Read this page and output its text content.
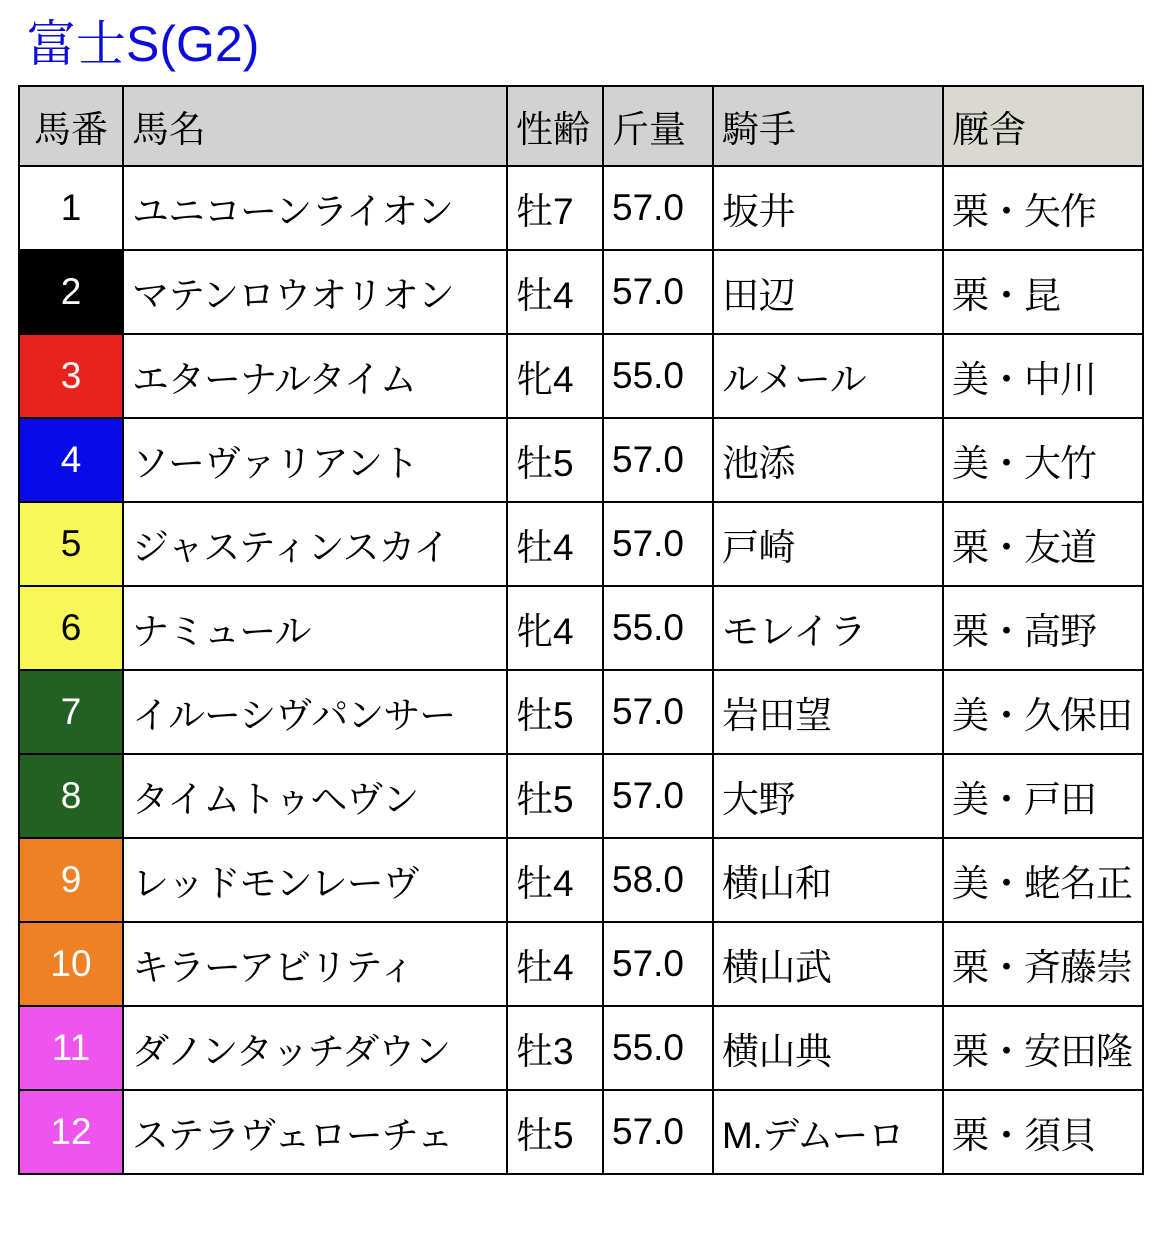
富士S(G2)
馬番	馬名	性齢	斤量	騎手	厩舎
1	ユニコーンライオン	牡7	57.0	坂井	栗・矢作
2	マテンロウオリオン	牡4	57.0	田辺	栗・昆
3	エターナルタイム	牝4	55.0	ルメール	美・中川
4	ソーヴァリアント	牡5	57.0	池添	美・大竹
5	ジャスティンスカイ	牡4	57.0	戸崎	栗・友道
6	ナミュール	牝4	55.0	モレイラ	栗・高野
7	イルーシヴパンサー	牡5	57.0	岩田望	美・久保田
8	タイムトゥヘヴン	牡5	57.0	大野	美・戸田
9	レッドモンレーヴ	牡4	58.0	横山和	美・蛯名正
10	キラーアビリティ	牡4	57.0	横山武	栗・斉藤崇
11	ダノンタッチダウン	牡3	55.0	横山典	栗・安田隆
12	ステラヴェローチェ	牡5	57.0	M.デムーロ	栗・須貝
